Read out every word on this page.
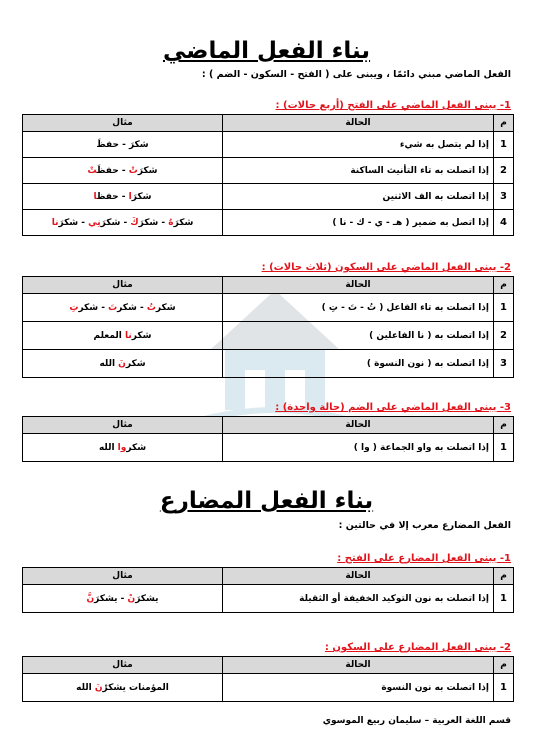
بناء الفعل الماضي
الفعل الماضي مبني دائمًا ، ويبنى على ( الفتح - السكون - الضم ) :
1- يبنى الفعل الماضي على الفتح (أربع حالات) :
م	الحالة	مثال
1	إذا لم يتصل به شيء	شكرَ - حفظَ
2	إذا اتصلت به تاء التأنيث الساكنة	شكرَتْ - حفظَتْ
3	إذا اتصلت به الف الاثنين	شكرَا - حفظا
4	إذا اتصل به ضمير ( هـ - ي - ك - نا )	شكرَهُ - شكرَكَ - شكرَنِي - شكرَنا
2- يبنى الفعل الماضي على السكون (ثلاث حالات) :
م	الحالة	مثال
1	إذا اتصلت به تاء الفاعل ( تُ - تَ - تِ )	شكرتُ - شكرتَ - شكرتِ
2	إذا اتصلت به ( نا الفاعلين )	شكرنا المعلم
3	إذا اتصلت به ( نون النسوة )	شكرنَ الله
3- يبنى الفعل الماضي على الضم (حالة واحدة) :
م	الحالة	مثال
1	إذا اتصلت به واو الجماعة ( وا )	شكروا الله
بناء الفعل المضارع
الفعل المضارع معرب إلا في حالتين :
1- يبنى الفعل المضارع على الفتح :
م	الحالة	مثال
1	إذا اتصلت به نون التوكيد الخفيفة أو الثقيلة	يشكرَنْ - يشكرَنَّ
2- يبنى الفعل المضارع على السكون :
م	الحالة	مثال
1	إذا اتصلت به نون النسوة	المؤمنات يشكرْنَ الله
قسم اللغة العربية – سليمان ربيع الموسوي
